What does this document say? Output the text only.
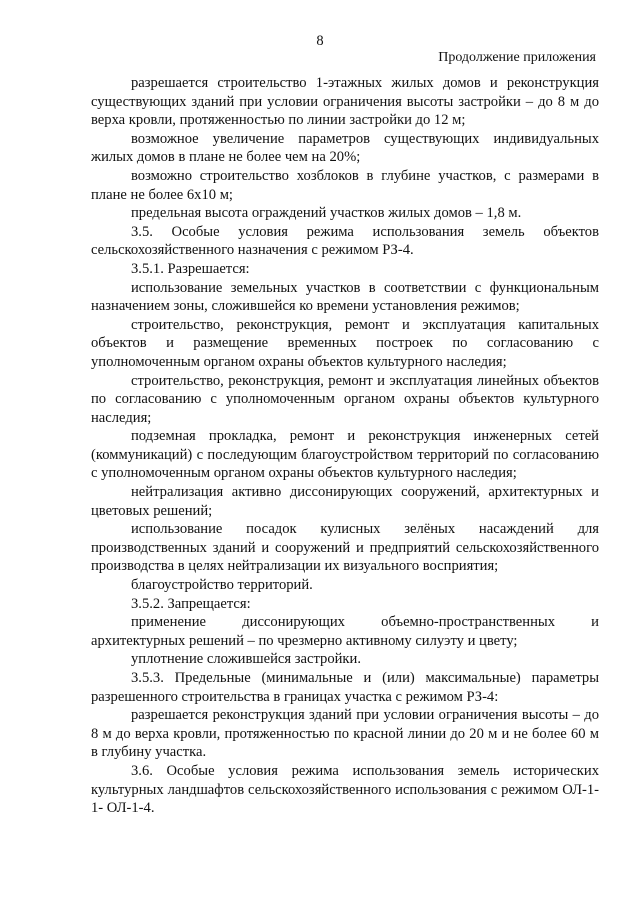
8
Продолжение приложения

разрешается строительство 1-этажных жилых домов и реконструкция существующих зданий при условии ограничения высоты застройки – до 8 м до верха кровли, протяженностью по линии застройки до 12 м;

возможное увеличение параметров существующих индивидуальных жилых домов в плане не более чем на 20%;

возможно строительство хозблоков в глубине участков, с размерами в плане не более 6х10 м;

предельная высота ограждений участков жилых домов – 1,8 м.

3.5. Особые условия режима использования земель объектов сельскохозяйственного назначения с режимом РЗ-4.

3.5.1. Разрешается:

использование земельных участков в соответствии с функциональным назначением зоны, сложившейся ко времени установления режимов;

строительство, реконструкция, ремонт и эксплуатация капитальных объектов и размещение временных построек по согласованию с уполномоченным органом охраны объектов культурного наследия;

строительство, реконструкция, ремонт и эксплуатация линейных объектов по согласованию с уполномоченным органом охраны объектов культурного наследия;

подземная прокладка, ремонт и реконструкция инженерных сетей (коммуникаций) с последующим благоустройством территорий по согласованию с уполномоченным органом охраны объектов культурного наследия;

нейтрализация активно диссонирующих сооружений, архитектурных и цветовых решений;

использование посадок кулисных зелёных насаждений для производственных зданий и сооружений и предприятий сельскохозяйственного производства в целях нейтрализации их визуального восприятия;

благоустройство территорий.

3.5.2. Запрещается:

применение диссонирующих объемно-пространственных и архитектурных решений – по чрезмерно активному силуэту и цвету;

уплотнение сложившейся застройки.

3.5.3. Предельные (минимальные и (или) максимальные) параметры разрешенного строительства в границах участка с режимом РЗ-4:

разрешается реконструкция зданий при условии ограничения высоты – до 8 м до верха кровли, протяженностью по красной линии до 20 м и не более 60 м в глубину участка.

3.6. Особые условия режима использования земель исторических культурных ландшафтов сельскохозяйственного использования с режимом ОЛ-1-1- ОЛ-1-4.
